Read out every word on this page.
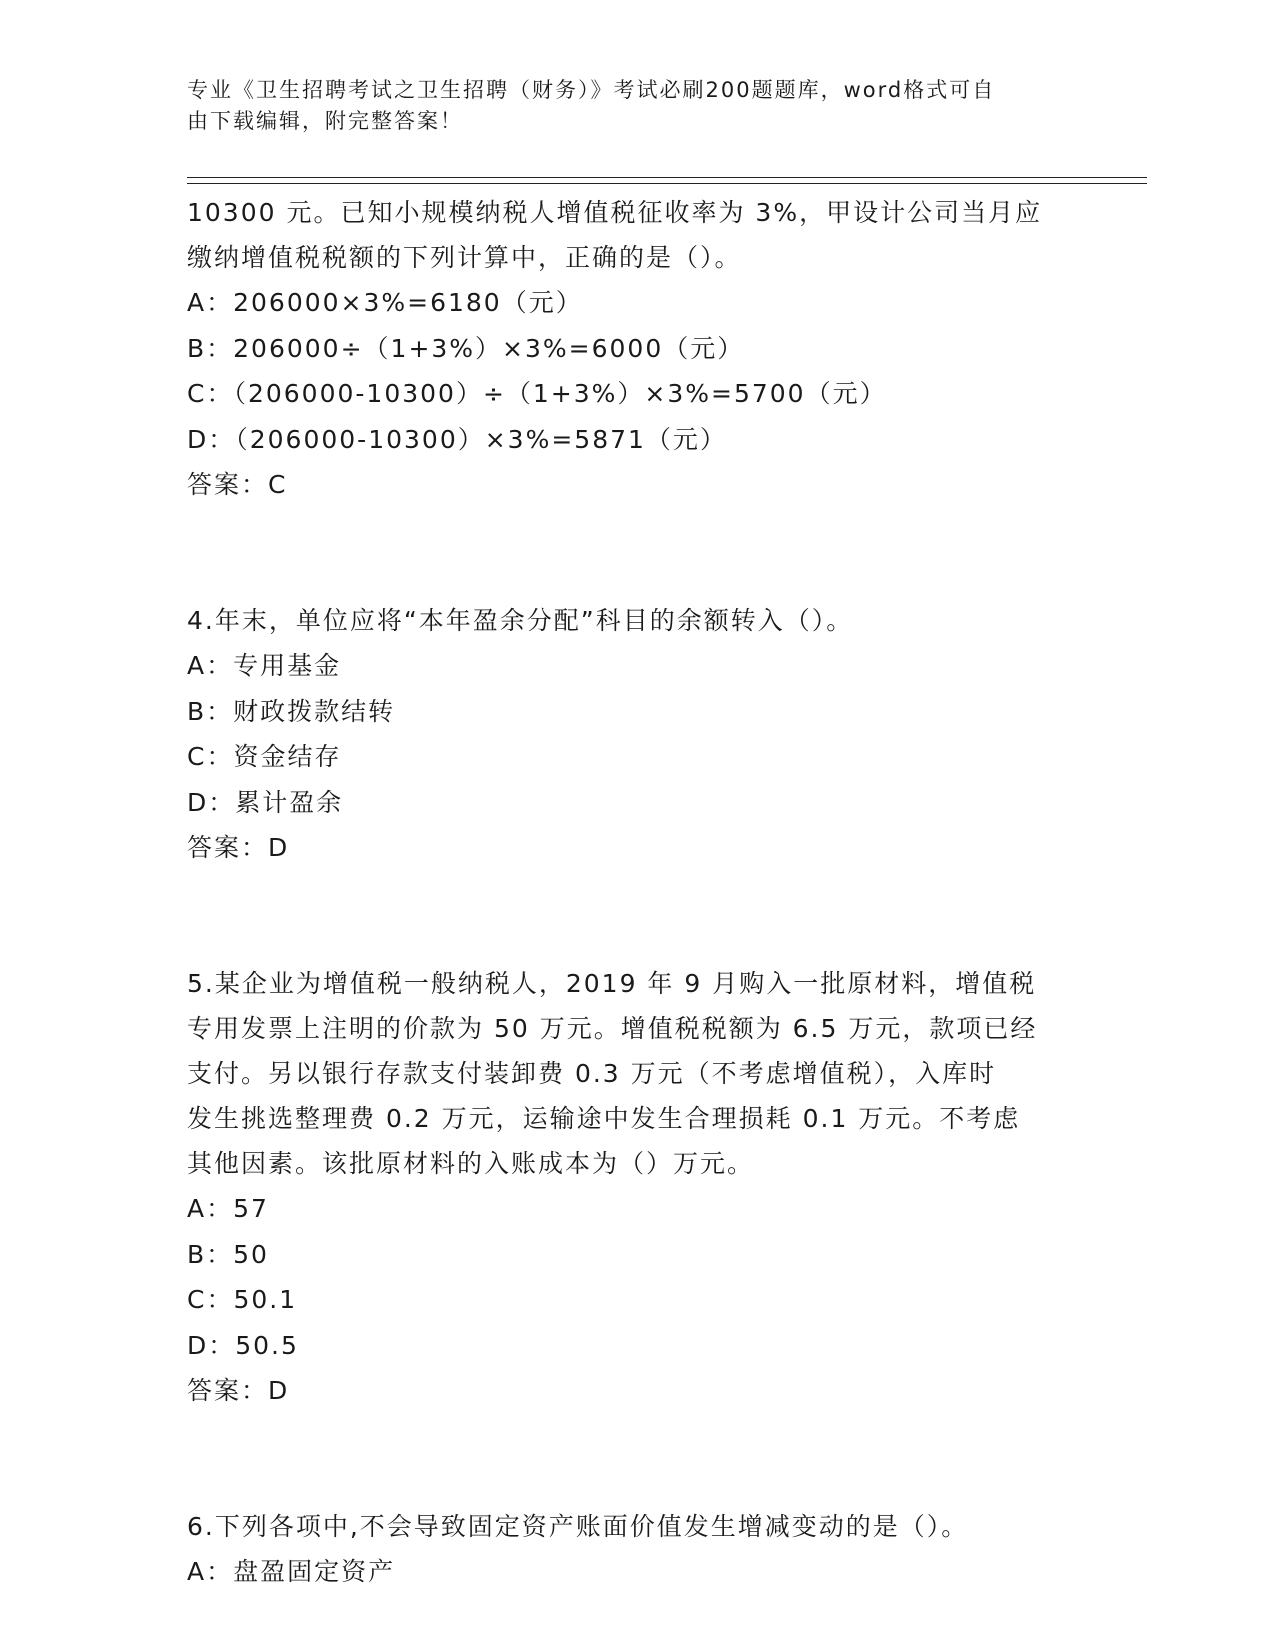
专业《卫生招聘考试之卫生招聘（财务）》考试必刷200题题库，word格式可自
由下载编辑，附完整答案！

10300 元。已知小规模纳税人增值税征收率为 3%，甲设计公司当月应

缴纳增值税税额的下列计算中，正确的是（）。

A：206000×3%=6180（元）

B：206000÷（1+3%）×3%=6000（元）

C：（206000-10300）÷（1+3%）×3%=5700（元）

D：（206000-10300）×3%=5871（元）

答案：C

4.年末，单位应将“本年盈余分配”科目的余额转入（）。

A：专用基金

B：财政拨款结转

C：资金结存

D：累计盈余

答案：D

5.某企业为增值税一般纳税人，2019 年 9 月购入一批原材料，增值税

专用发票上注明的价款为 50 万元。增值税税额为 6.5 万元，款项已经

支付。另以银行存款支付装卸费 0.3 万元（不考虑增值税），入库时

发生挑选整理费 0.2 万元，运输途中发生合理损耗 0.1 万元。不考虑

其他因素。该批原材料的入账成本为（）万元。

A：57

B：50

C：50.1

D：50.5

答案：D

6.下列各项中,不会导致固定资产账面价值发生增减变动的是（）。

A：盘盈固定资产
